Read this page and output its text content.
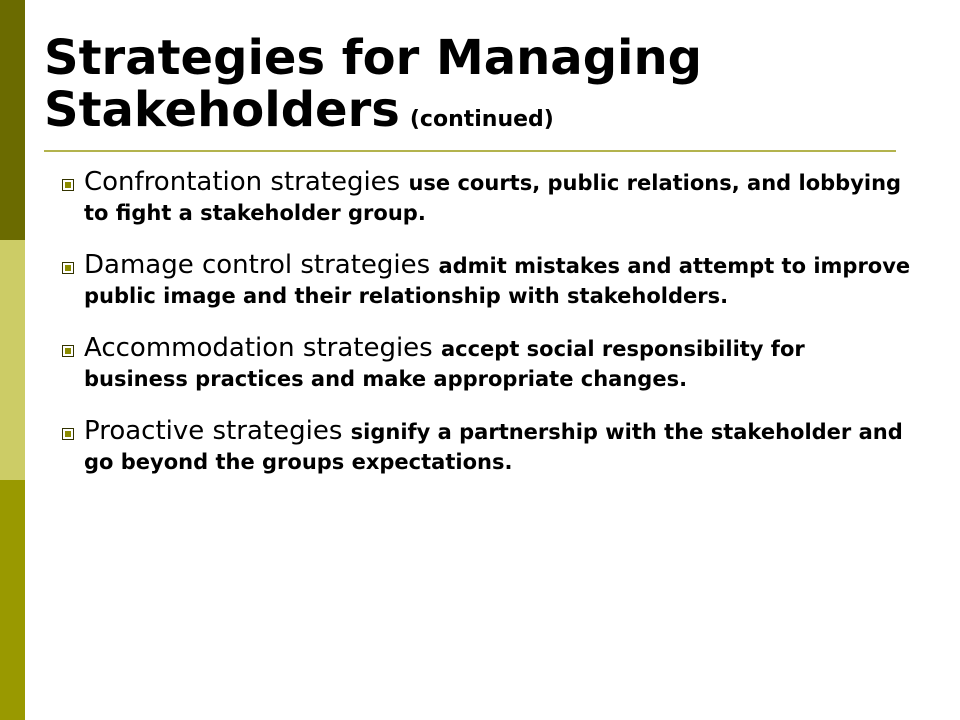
Strategies for Managing Stakeholders (continued)
Confrontation strategies use courts, public relations, and lobbying to fight a stakeholder group.
Damage control strategies admit mistakes and attempt to improve public image and their relationship with stakeholders.
Accommodation strategies accept social responsibility for business practices and make appropriate changes.
Proactive strategies signify a partnership with the stakeholder and go beyond the groups expectations.
